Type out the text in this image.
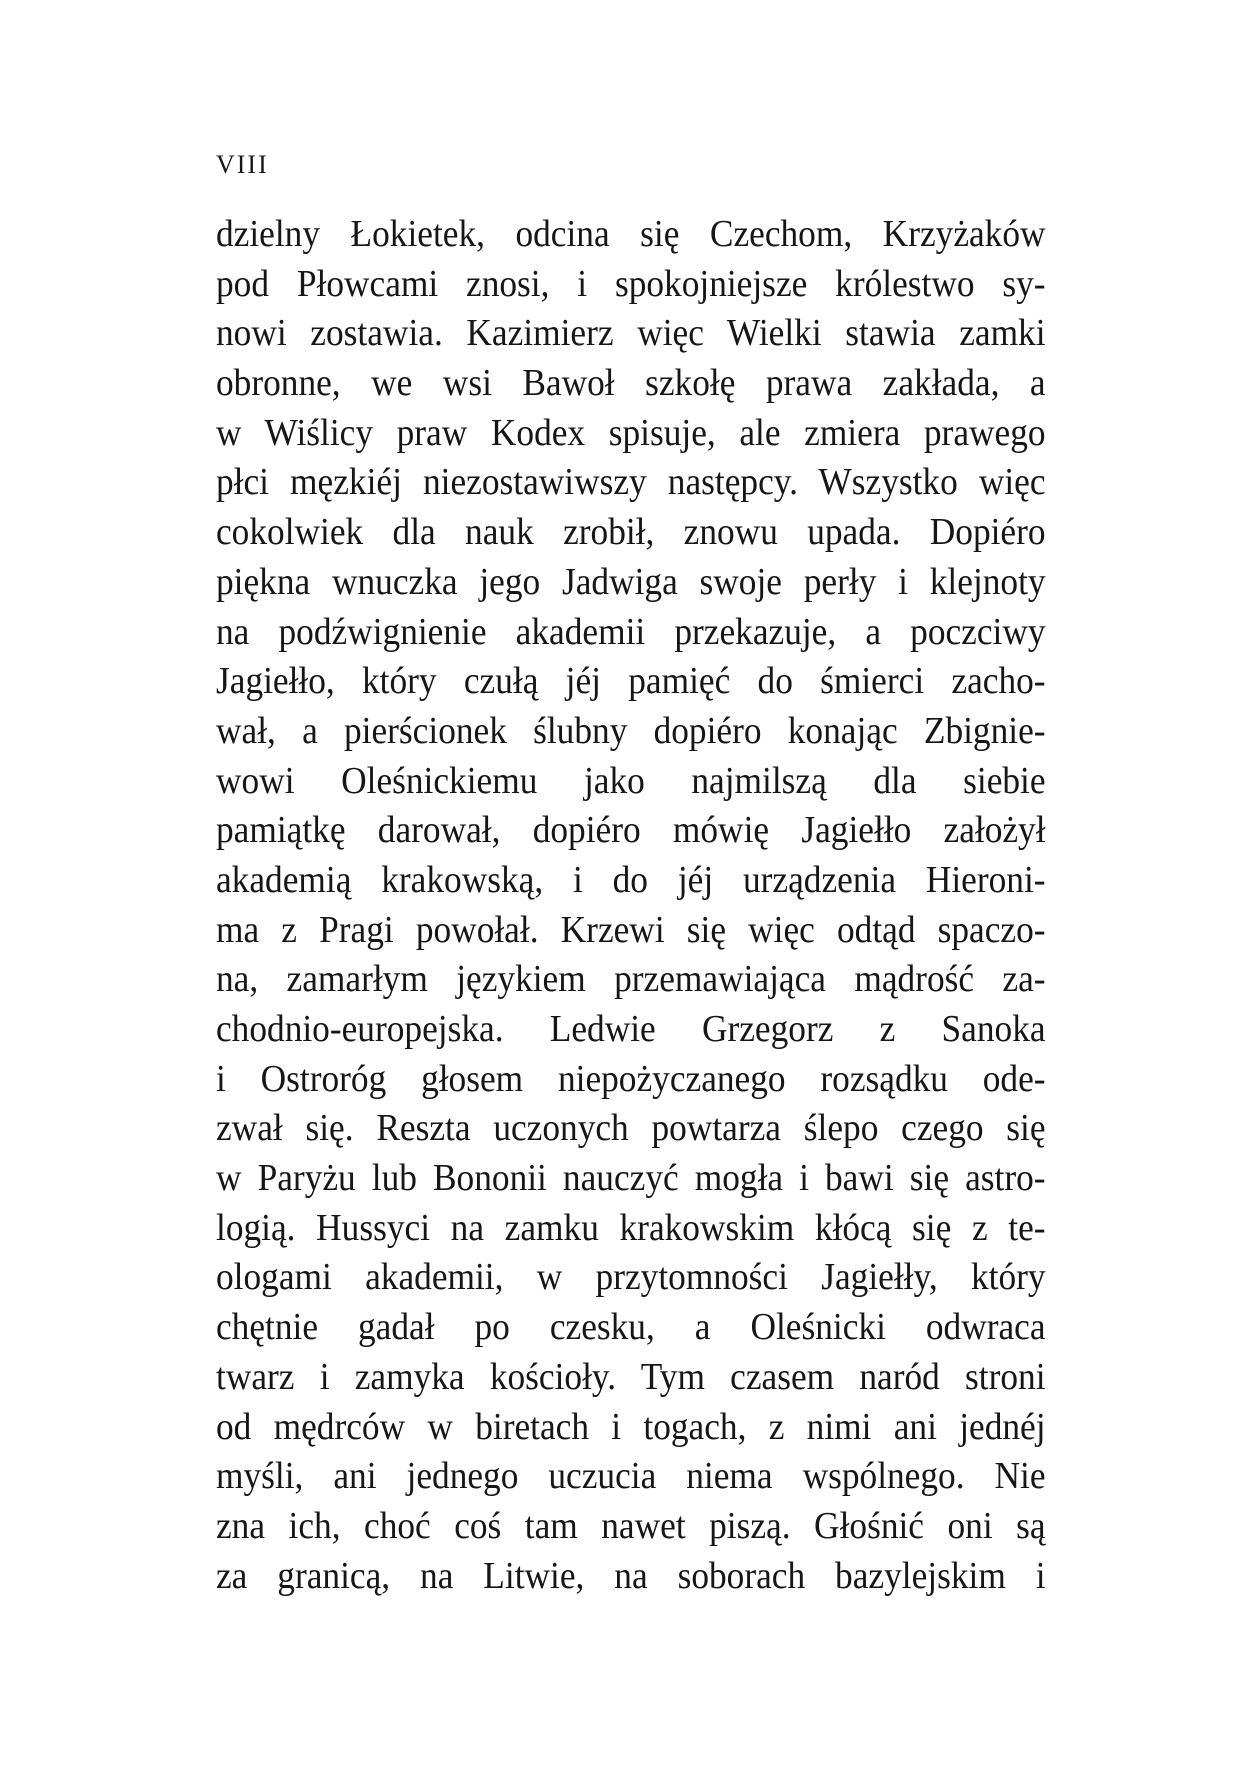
VIII
dzielny Łokietek, odcina się Czechom, Krzyżaków
pod Płowcami znosi, i spokojniejsze królestwo sy-
nowi zostawia. Kazimierz więc Wielki stawia zamki
obronne, we wsi Bawoł szkołę prawa zakłada, a
w Wiślicy praw Kodex spisuje, ale zmiera prawego
płci męzkiéj niezostawiwszy następcy. Wszystko więc
cokolwiek dla nauk zrobił, znowu upada. Dopiéro
piękna wnuczka jego Jadwiga swoje perły i klejnoty
na podźwignienie akademii przekazuje, a poczciwy
Jagiełło, który czułą jéj pamięć do śmierci zacho-
wał, a pierścionek ślubny dopiéro konając Zbignie-
wowi Oleśnickiemu jako najmilszą dla siebie
pamiątkę darował, dopiéro mówię Jagiełło założył
akademią krakowską, i do jéj urządzenia Hieroni-
ma z Pragi powołał. Krzewi się więc odtąd spaczo-
na, zamarłym językiem przemawiająca mądrość za-
chodnio-europejska. Ledwie Grzegorz z Sanoka
i Ostroróg głosem niepożyczanego rozsądku ode-
zwał się. Reszta uczonych powtarza ślepo czego się
w Paryżu lub Bononii nauczyć mogła i bawi się astro-
logią. Hussyci na zamku krakowskim kłócą się z te-
ologami akademii, w przytomności Jagiełły, który
chętnie gadał po czesku, a Oleśnicki odwraca
twarz i zamyka kościoły. Tym czasem naród stroni
od mędrców w biretach i togach, z nimi ani jednéj
myśli, ani jednego uczucia niema wspólnego. Nie
zna ich, choć coś tam nawet piszą. Głośnić oni są
za granicą, na Litwie, na soborach bazylejskim i
